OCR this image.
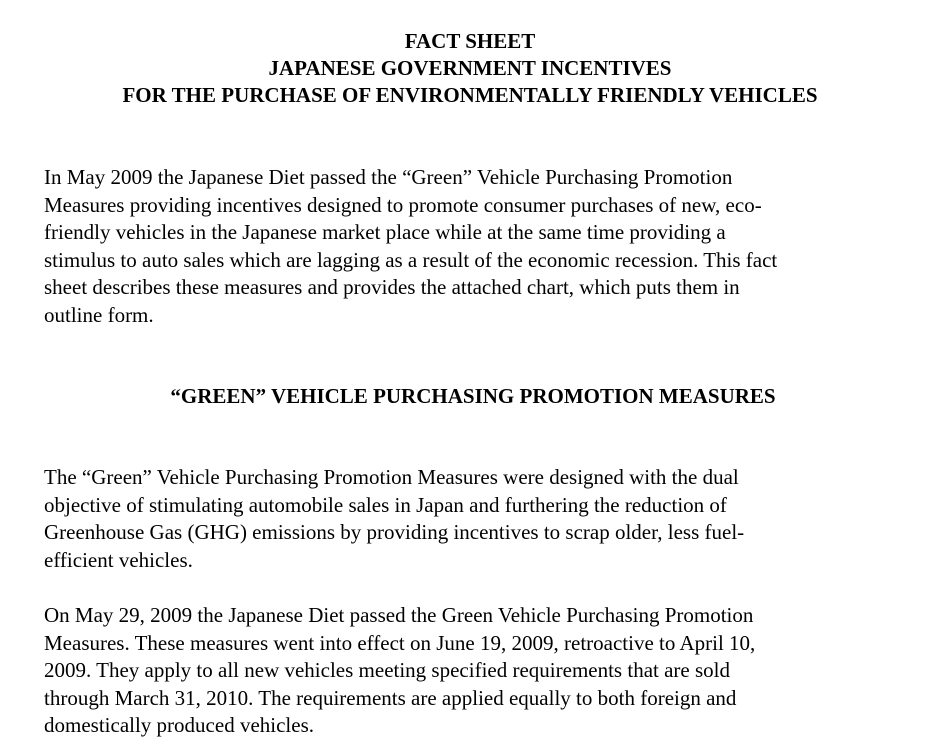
FACT SHEET
JAPANESE GOVERNMENT INCENTIVES
FOR THE PURCHASE OF ENVIRONMENTALLY FRIENDLY VEHICLES

In May 2009 the Japanese Diet passed the “Green” Vehicle Purchasing Promotion
Measures providing incentives designed to promote consumer purchases of new, eco-
friendly vehicles in the Japanese market place while at the same time providing a
stimulus to auto sales which are lagging as a result of the economic recession. This fact
sheet describes these measures and provides the attached chart, which puts them in
outline form.

“GREEN” VEHICLE PURCHASING PROMOTION MEASURES

The “Green” Vehicle Purchasing Promotion Measures were designed with the dual
objective of stimulating automobile sales in Japan and furthering the reduction of
Greenhouse Gas (GHG) emissions by providing incentives to scrap older, less fuel-
efficient vehicles.

On May 29, 2009 the Japanese Diet passed the Green Vehicle Purchasing Promotion
Measures. These measures went into effect on June 19, 2009, retroactive to April 10,
2009. They apply to all new vehicles meeting specified requirements that are sold
through March 31, 2010. The requirements are applied equally to both foreign and
domestically produced vehicles.
